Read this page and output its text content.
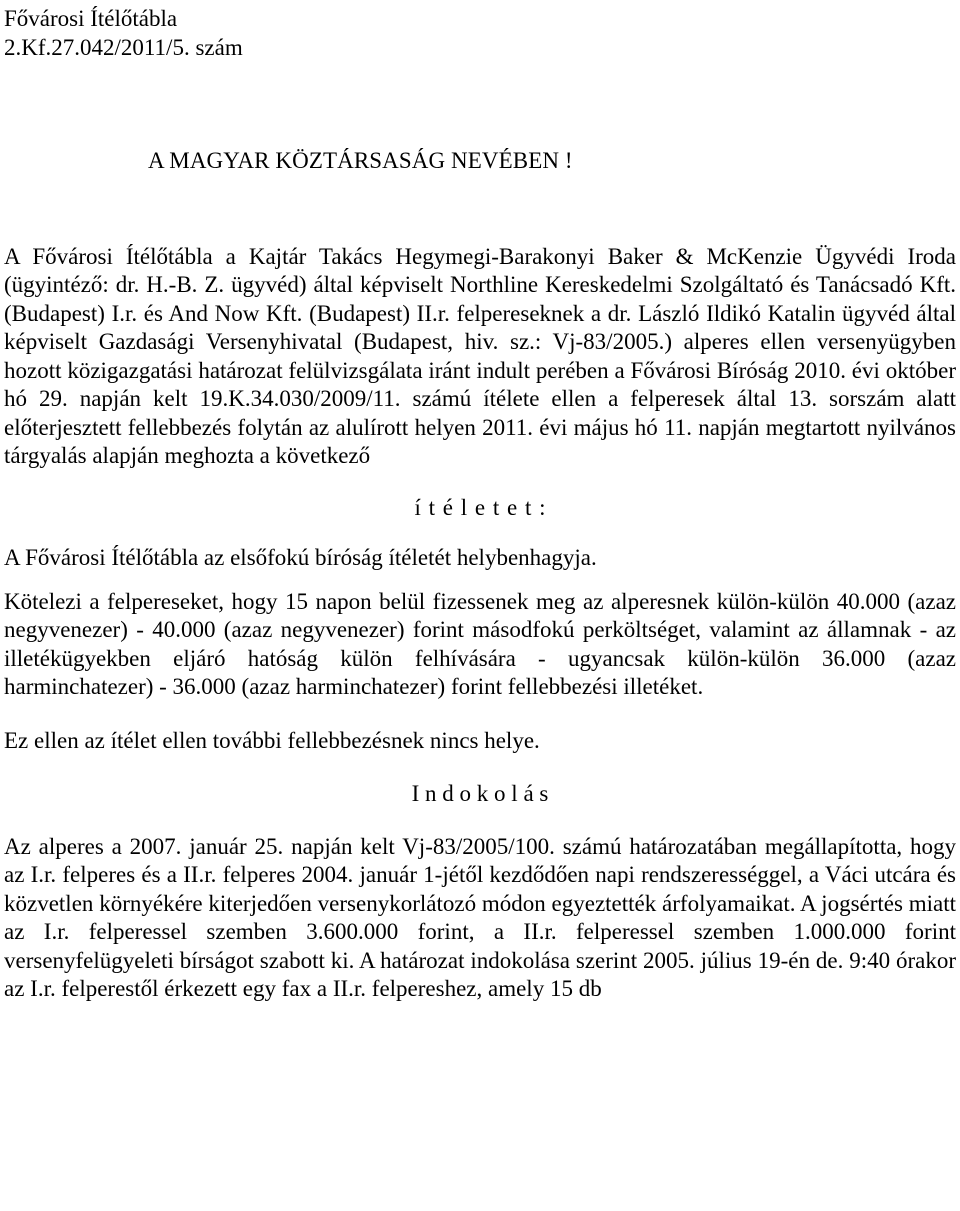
Fővárosi Ítélőtábla
2.Kf.27.042/2011/5. szám

A MAGYAR KÖZTÁRSASÁG NEVÉBEN !

A Fővárosi Ítélőtábla a Kajtár Takács Hegymegi-Barakonyi Baker & McKenzie Ügyvédi Iroda (ügyintéző: dr. H.-B. Z. ügyvéd) által képviselt Northline Kereskedelmi Szolgáltató és Tanácsadó Kft. (Budapest) I.r. és And Now Kft. (Budapest) II.r. felpereseknek a dr. László Ildikó Katalin ügyvéd által képviselt Gazdasági Versenyhivatal (Budapest, hiv. sz.: Vj-83/2005.) alperes ellen versenyügyben hozott közigazgatási határozat felülvizsgálata iránt indult perében a Fővárosi Bíróság 2010. évi október hó 29. napján kelt 19.K.34.030/2009/11. számú ítélete ellen a felperesek által 13. sorszám alatt előterjesztett fellebbezés folytán az alulírott helyen 2011. évi május hó 11. napján megtartott nyilvános tárgyalás alapján meghozta a következő

í t é l e t e t :

A Fővárosi Ítélőtábla az elsőfokú bíróság ítéletét helybenhagyja.

Kötelezi a felpereseket, hogy 15 napon belül fizessenek meg az alperesnek külön-külön 40.000 (azaz negyvenezer) - 40.000 (azaz negyvenezer) forint másodfokú perköltséget, valamint az államnak - az illetékügyekben eljáró hatóság külön felhívására - ugyancsak külön-külön 36.000 (azaz harminchatezer) - 36.000 (azaz harminchatezer) forint fellebbezési illetéket.

Ez ellen az ítélet ellen további fellebbezésnek nincs helye.

I n d o k o l á s

Az alperes a 2007. január 25. napján kelt Vj-83/2005/100. számú határozatában megállapította, hogy az I.r. felperes és a II.r. felperes 2004. január 1-jétől kezdődően napi rendszerességgel, a Váci utcára és közvetlen környékére kiterjedően versenykorlátozó módon egyeztették árfolyamaikat. A jogsértés miatt az I.r. felperessel szemben 3.600.000 forint, a II.r. felperessel szemben 1.000.000 forint versenyfelügyeleti bírságot szabott ki. A határozat indokolása szerint 2005. július 19-én de. 9:40 órakor az I.r. felperestől érkezett egy fax a II.r. felpereshez, amely 15 db
